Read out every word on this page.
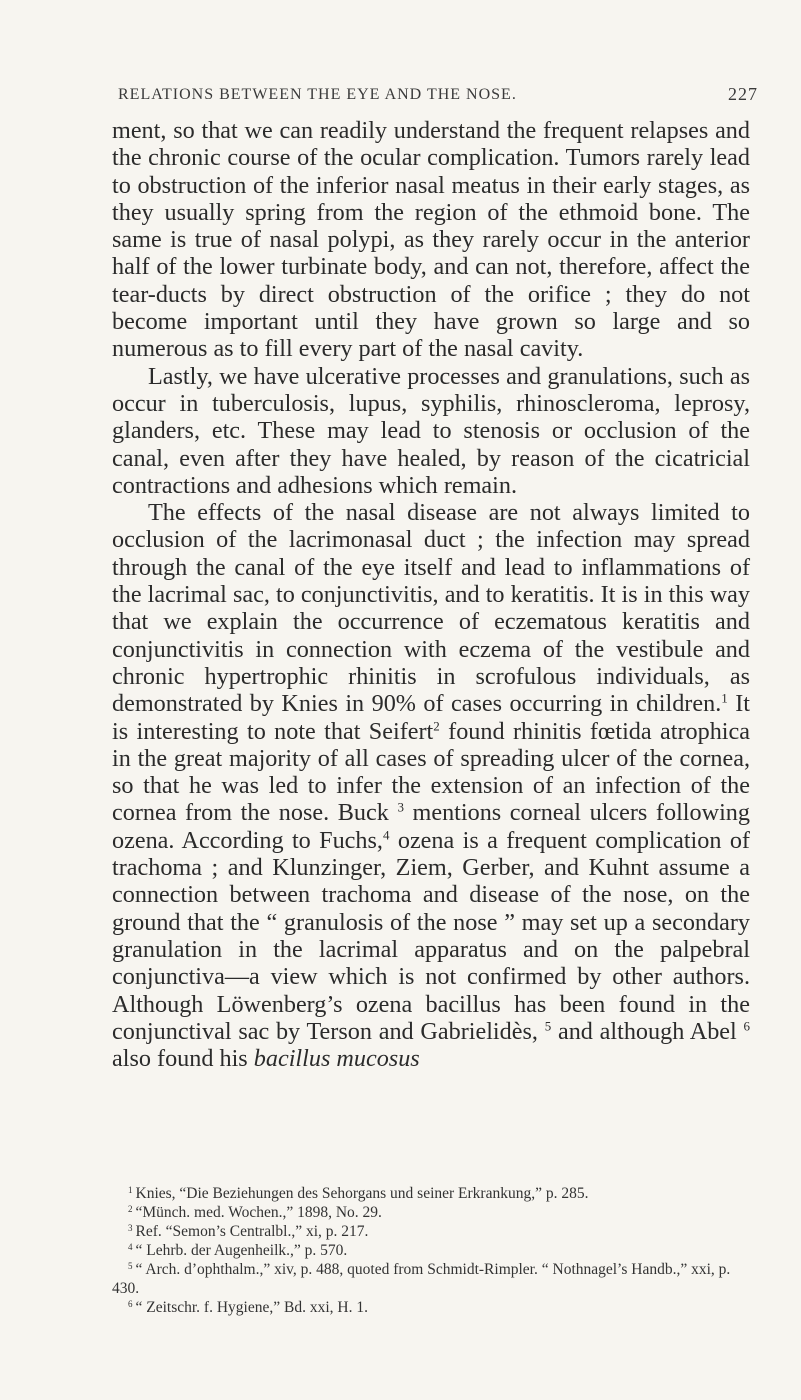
RELATIONS BETWEEN THE EYE AND THE NOSE.	227

ment, so that we can readily understand the frequent relapses and the chronic course of the ocular complication. Tumors rarely lead to obstruction of the inferior nasal meatus in their early stages, as they usually spring from the region of the ethmoid bone. The same is true of nasal polypi, as they rarely occur in the anterior half of the lower turbinate body, and can not, therefore, affect the tear-ducts by direct obstruction of the orifice ; they do not become important until they have grown so large and so numerous as to fill every part of the nasal cavity.

Lastly, we have ulcerative processes and granulations, such as occur in tuberculosis, lupus, syphilis, rhinoscleroma, leprosy, glanders, etc. These may lead to stenosis or occlusion of the canal, even after they have healed, by reason of the cicatricial contractions and adhesions which remain.

The effects of the nasal disease are not always limited to occlusion of the lacrimonasal duct ; the infection may spread through the canal of the eye itself and lead to inflammations of the lacrimal sac, to conjunctivitis, and to keratitis. It is in this way that we explain the occurrence of eczematous keratitis and conjunctivitis in connection with eczema of the vestibule and chronic hypertrophic rhinitis in scrofulous individuals, as demonstrated by Knies in 90% of cases occurring in children.$^1$ It is interesting to note that Seifert$^2$ found rhinitis fœtida atrophica in the great majority of all cases of spreading ulcer of the cornea, so that he was led to infer the extension of an infection of the cornea from the nose. Buck $^3$ mentions corneal ulcers following ozena. According to Fuchs,$^4$ ozena is a frequent complication of trachoma ; and Klunzinger, Ziem, Gerber, and Kuhnt assume a connection between trachoma and disease of the nose, on the ground that the “ granulosis of the nose ” may set up a secondary granulation in the lacrimal apparatus and on the palpebral conjunctiva—a view which is not confirmed by other authors. Although Löwenberg’s ozena bacillus has been found in the conjunctival sac by Terson and Gabrielidès, $^5$ and although Abel $^6$ also found his bacillus mucosus

$^1$ Knies, “Die Beziehungen des Sehorgans und seiner Erkrankung,” p. 285.

$^2$ “Münch. med. Wochen.,” 1898, No. 29.

$^3$ Ref. “Semon’s Centralbl.,” xi, p. 217.

$^4$ “ Lehrb. der Augenheilk.,” p. 570.

$^5$ “ Arch. d’ophthalm.,” xiv, p. 488, quoted from Schmidt-Rimpler. “ Nothnagel’s Handb.,” xxi, p. 430.

$^6$ “ Zeitschr. f. Hygiene,” Bd. xxi, H. 1.
